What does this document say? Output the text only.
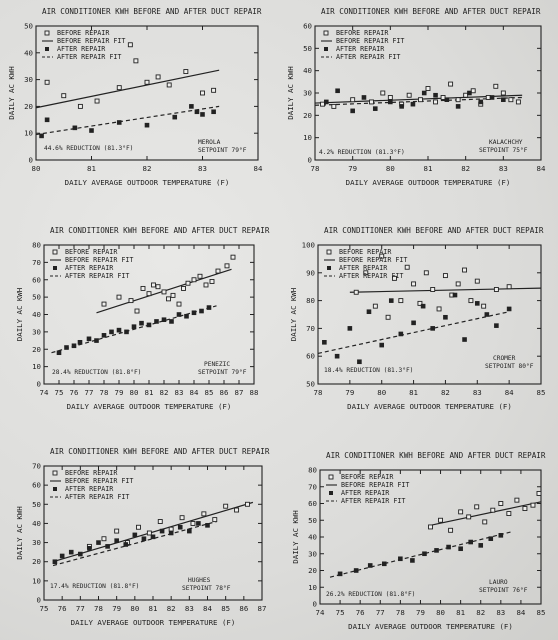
AIR CONDITIONER KWH BEFORE AND AFTER DUCT REPAIR
80	81	82	83	84
0
10
20
30
40
50
DAILY AVERAGE OUTDOOR TEMPERATURE (F)
DAILY AC KWH
BEFORE REPAIR
BEFORE REPAIR FIT
AFTER REPAIR
AFTER REPAIR FIT
44.6% REDUCTION (81.3°F)
MEROLA
SETPOINT 79°F
AIR CONDITIONER KWH BEFORE AND AFTER DUCT REPAIR
78	79	80	81	82	83	84
0
10
20
30
40
50
60
DAILY AVERAGE OUTDOOR TEMPERATURE (F)
DAILY AC KWH
BEFORE REPAIR
BEFORE REPAIR FIT
AFTER REPAIR
AFTER REPAIR FIT
4.2% REDUCTION (81.3°F)
KALACHCHY
SETPOINT 75°F
AIR CONDITIONER KWH BEFORE AND AFTER DUCT REPAIR
74 75 76 77 78 79 80 81 82 83 84 85 86 87 88
0
10
20
30
40
50
60
70
80
DAILY AVERAGE OUTDOOR TEMPERATURE (F)
DAILY AC KWH
BEFORE REPAIR
BEFORE REPAIR FIT
AFTER REPAIR
AFTER REPAIR FIT
28.4% REDUCTION (81.8°F)
PENEZIC
SETPOINT 79°F
AIR CONDITIONER KWH BEFORE AND AFTER DUCT REPAIR
78	79	80	81	82	83	84	85
50
60
70
80
90
100
DAILY AVERAGE OUTDOOR TEMPERATURE (F)
DAILY AC KWH
BEFORE REPAIR
BEFORE REPAIR FIT
AFTER REPAIR
AFTER REPAIR FIT
18.4% REDUCTION (81.3°F)
CROMER
SETPOINT 80°F
AIR CONDITIONER KWH BEFORE AND AFTER DUCT REPAIR
75 76 77 78 79 80 81 82 83 84 85 86 87
0
10
20
30
40
50
60
70
DAILY AVERAGE OUTDOOR TEMPERATURE (F)
DAILY AC KWH
BEFORE REPAIR
BEFORE REPAIR FIT
AFTER REPAIR
AFTER REPAIR FIT
17.4% REDUCTION (81.8°F)
HUGHES
SETPOINT 78°F
AIR CONDITIONER KWH BEFORE AND AFTER DUCT REPAIR
74 75 76 77 78 79 80 81 82 83 84 85
0
10
20
30
40
50
60
70
80
DAILY AVERAGE OUTDOOR TEMPERATURE (F)
DAILY AC KWH
BEFORE REPAIR
BEFORE REPAIR FIT
AFTER REPAIR
AFTER REPAIR FIT
26.2% REDUCTION (81.8°F)
LAURO
SETPOINT 76°F
